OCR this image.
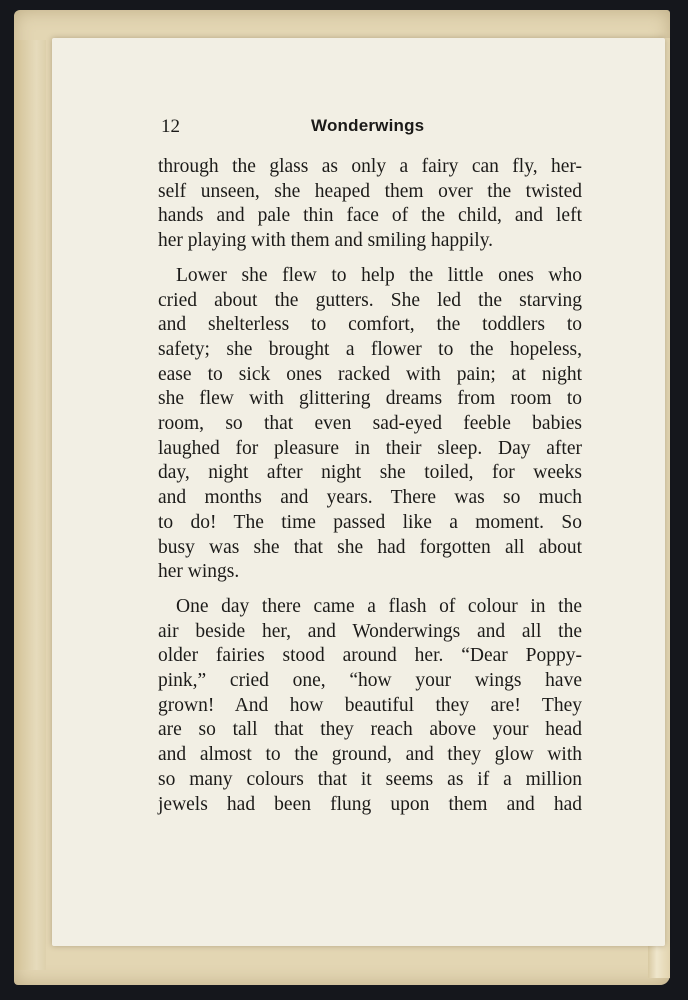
12	Wonderwings

through the glass as only a fairy can fly, her-
self unseen, she heaped them over the twisted
hands and pale thin face of the child, and left
her playing with them and smiling happily.

Lower she flew to help the little ones who
cried about the gutters. She led the starving
and shelterless to comfort, the toddlers to
safety; she brought a flower to the hopeless,
ease to sick ones racked with pain; at night
she flew with glittering dreams from room to
room, so that even sad-eyed feeble babies
laughed for pleasure in their sleep. Day after
day, night after night she toiled, for weeks
and months and years. There was so much
to do! The time passed like a moment. So
busy was she that she had forgotten all about
her wings.

One day there came a flash of colour in the
air beside her, and Wonderwings and all the
older fairies stood around her. “Dear Poppy-
pink,” cried one, “how your wings have
grown! And how beautiful they are! They
are so tall that they reach above your head
and almost to the ground, and they glow with
so many colours that it seems as if a million
jewels had been flung upon them and had
